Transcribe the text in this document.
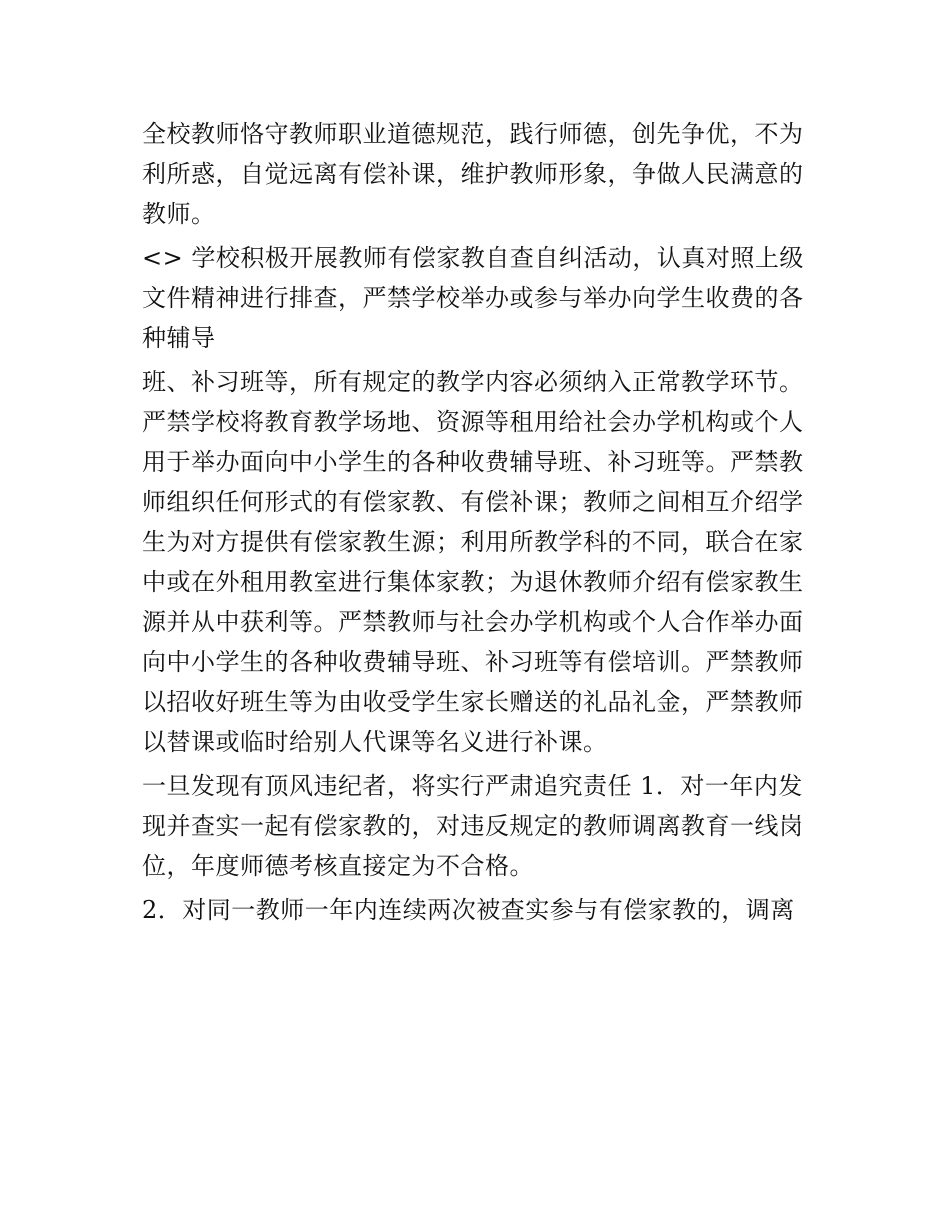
全校教师恪守教师职业道德规范，践行师德，创先争优，不为
利所惑，自觉远离有偿补课，维护教师形象，争做人民满意的
教师。
<> 学校积极开展教师有偿家教自查自纠活动，认真对照上级
文件精神进行排查，严禁学校举办或参与举办向学生收费的各
种辅导
班、补习班等，所有规定的教学内容必须纳入正常教学环节。
严禁学校将教育教学场地、资源等租用给社会办学机构或个人
用于举办面向中小学生的各种收费辅导班、补习班等。严禁教
师组织任何形式的有偿家教、有偿补课；教师之间相互介绍学
生为对方提供有偿家教生源；利用所教学科的不同，联合在家
中或在外租用教室进行集体家教；为退休教师介绍有偿家教生
源并从中获利等。严禁教师与社会办学机构或个人合作举办面
向中小学生的各种收费辅导班、补习班等有偿培训。严禁教师
以招收好班生等为由收受学生家长赠送的礼品礼金，严禁教师
以替课或临时给别人代课等名义进行补课。
一旦发现有顶风违纪者，将实行严肃追究责任 1．对一年内发
现并查实一起有偿家教的，对违反规定的教师调离教育一线岗
位，年度师德考核直接定为不合格。
2．对同一教师一年内连续两次被查实参与有偿家教的，调离
